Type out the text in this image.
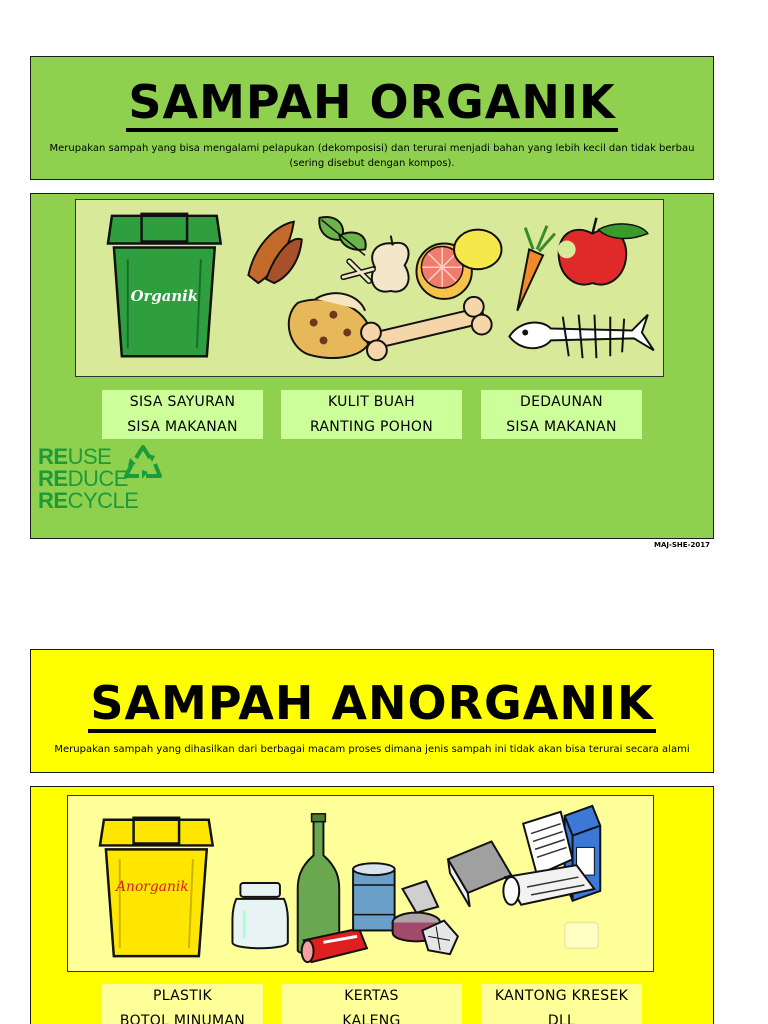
SAMPAH ORGANIK
Merupakan sampah yang bisa mengalami pelapukan (dekomposisi) dan terurai menjadi bahan yang lebih kecil dan tidak berbau (sering disebut dengan kompos).
Organik
SISA SAYURAN
SISA MAKANAN
KULIT BUAH
RANTING POHON
DEDAUNAN
SISA MAKANAN
REUSE
REDUCE
RECYCLE
MAJ-SHE-2017
SAMPAH ANORGANIK
Merupakan sampah yang dihasilkan dari berbagai macam proses dimana jenis sampah ini tidak akan bisa terurai secara alami
Anorganik
PLASTIK
BOTOL MINUMAN
KERTAS
KALENG
KANTONG KRESEK
DLL
